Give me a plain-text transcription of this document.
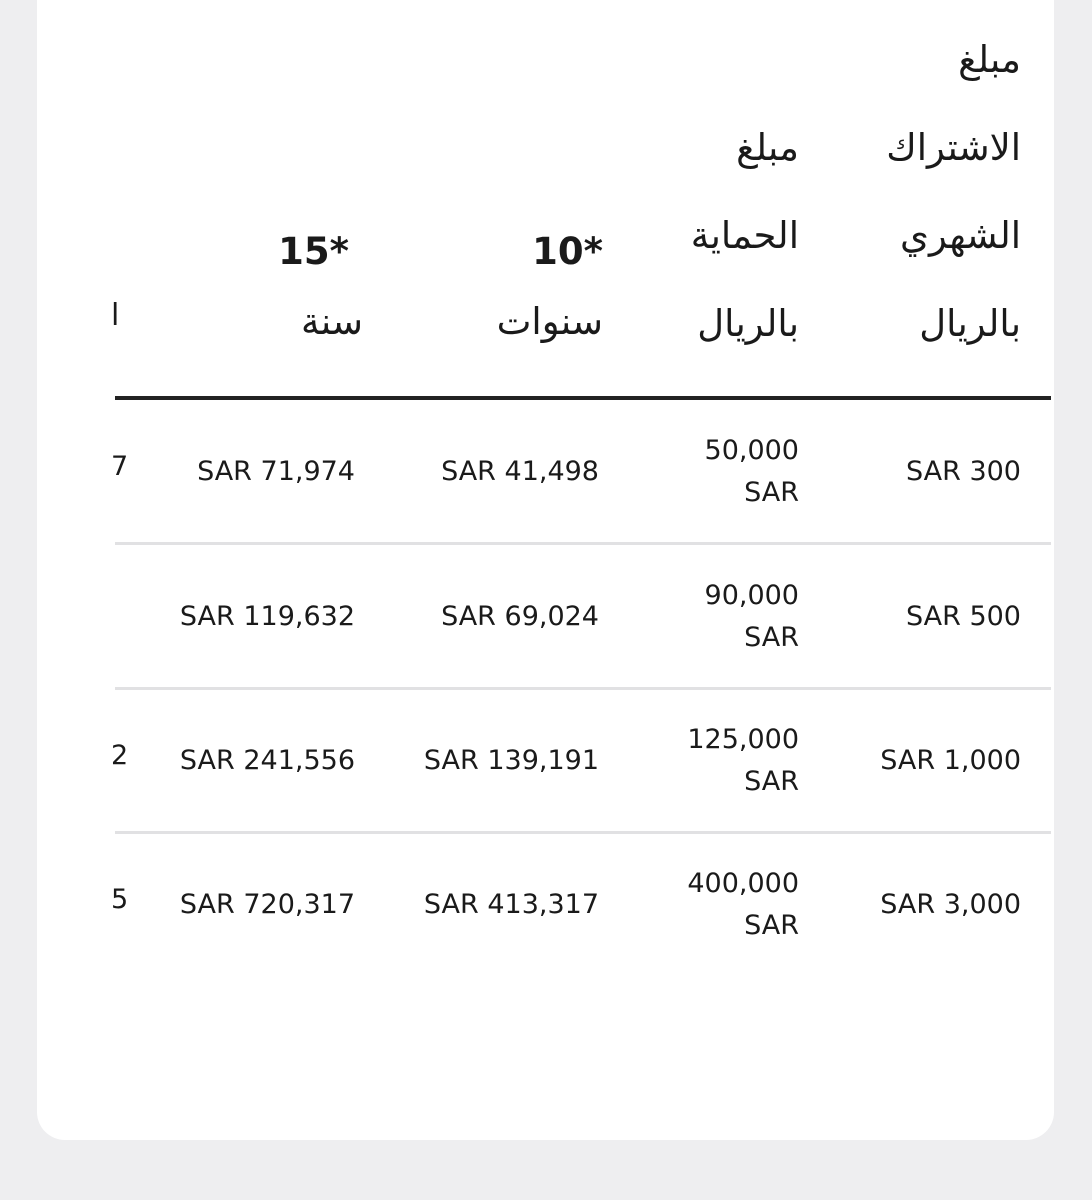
مبلغ
الاشتراك
الشهري
بالريال
مبلغ
الحماية
بالريال
10*
سنوات
15*
سنة
ا
SAR 300
50,000
SAR
SAR 41,498
SAR 71,974
7
SAR 500
90,000
SAR
SAR 69,024
SAR 119,632
SAR 1,000
125,000
SAR
SAR 139,191
SAR 241,556
2
SAR 3,000
400,000
SAR
SAR 413,317
SAR 720,317
5
